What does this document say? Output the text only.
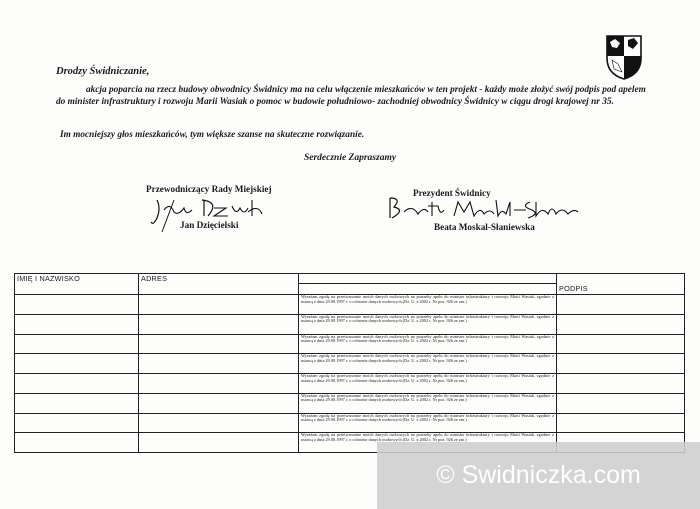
Drodzy Świdniczanie,
akcja poparcia na rzecz budowy obwodnicy Świdnicy ma na celu włączenie mieszkańców w ten projekt - każdy może złożyć swój podpis pod apelem do minister infrastruktury i rozwoju Marii Wasiak o pomoc w budowie południowo- zachodniej obwodnicy Świdnicy w ciągu drogi krajowej nr 35.
Im mocniejszy głos mieszkańców, tym większe szanse na skuteczne rozwiązanie.
Serdecznie Zapraszamy
Przewodniczący Rady Miejskiej
Jan Dzięcielski
Prezydent Świdnicy
Beata Moskal-Słaniewska
IMIĘ I NAZWISKO	ADRES		
			PODPIS
		Wyrażam zgodę na przetwarzanie moich danych osobowych na potrzeby apelu do minister infrastruktury i rozwoju Marii Wasiak, zgodnie z ustawą z dnia 29.08.1997 r. o ochronie danych osobowych (Dz. U. z 2002 r. Nr poz. 926 ze zm.)	
		Wyrażam zgodę na przetwarzanie moich danych osobowych na potrzeby apelu do minister infrastruktury i rozwoju Marii Wasiak, zgodnie z ustawą z dnia 29.08.1997 r. o ochronie danych osobowych (Dz. U. z 2002 r. Nr poz. 926 ze zm.)	
		Wyrażam zgodę na przetwarzanie moich danych osobowych na potrzeby apelu do minister infrastruktury i rozwoju Marii Wasiak, zgodnie z ustawą z dnia 29.08.1997 r. o ochronie danych osobowych (Dz. U. z 2002 r. Nr poz. 926 ze zm.)	
		Wyrażam zgodę na przetwarzanie moich danych osobowych na potrzeby apelu do minister infrastruktury i rozwoju Marii Wasiak, zgodnie z ustawą z dnia 29.08.1997 r. o ochronie danych osobowych (Dz. U. z 2002 r. Nr poz. 926 ze zm.)	
		Wyrażam zgodę na przetwarzanie moich danych osobowych na potrzeby apelu do minister infrastruktury i rozwoju Marii Wasiak, zgodnie z ustawą z dnia 29.08.1997 r. o ochronie danych osobowych (Dz. U. z 2002 r. Nr poz. 926 ze zm.)	
		Wyrażam zgodę na przetwarzanie moich danych osobowych na potrzeby apelu do minister infrastruktury i rozwoju Marii Wasiak, zgodnie z ustawą z dnia 29.08.1997 r. o ochronie danych osobowych (Dz. U. z 2002 r. Nr poz. 926 ze zm.)	
		Wyrażam zgodę na przetwarzanie moich danych osobowych na potrzeby apelu do minister infrastruktury i rozwoju Marii Wasiak, zgodnie z ustawą z dnia 29.08.1997 r. o ochronie danych osobowych (Dz. U. z 2002 r. Nr poz. 926 ze zm.)	
		Wyrażam zgodę na przetwarzanie moich danych osobowych na potrzeby apelu do minister infrastruktury i rozwoju Marii Wasiak, zgodnie z ustawą z dnia 29.08.1997 r. o ochronie danych osobowych (Dz. U. z 2002 r. Nr poz. 926 ze zm.)	
© Swidniczka.com
